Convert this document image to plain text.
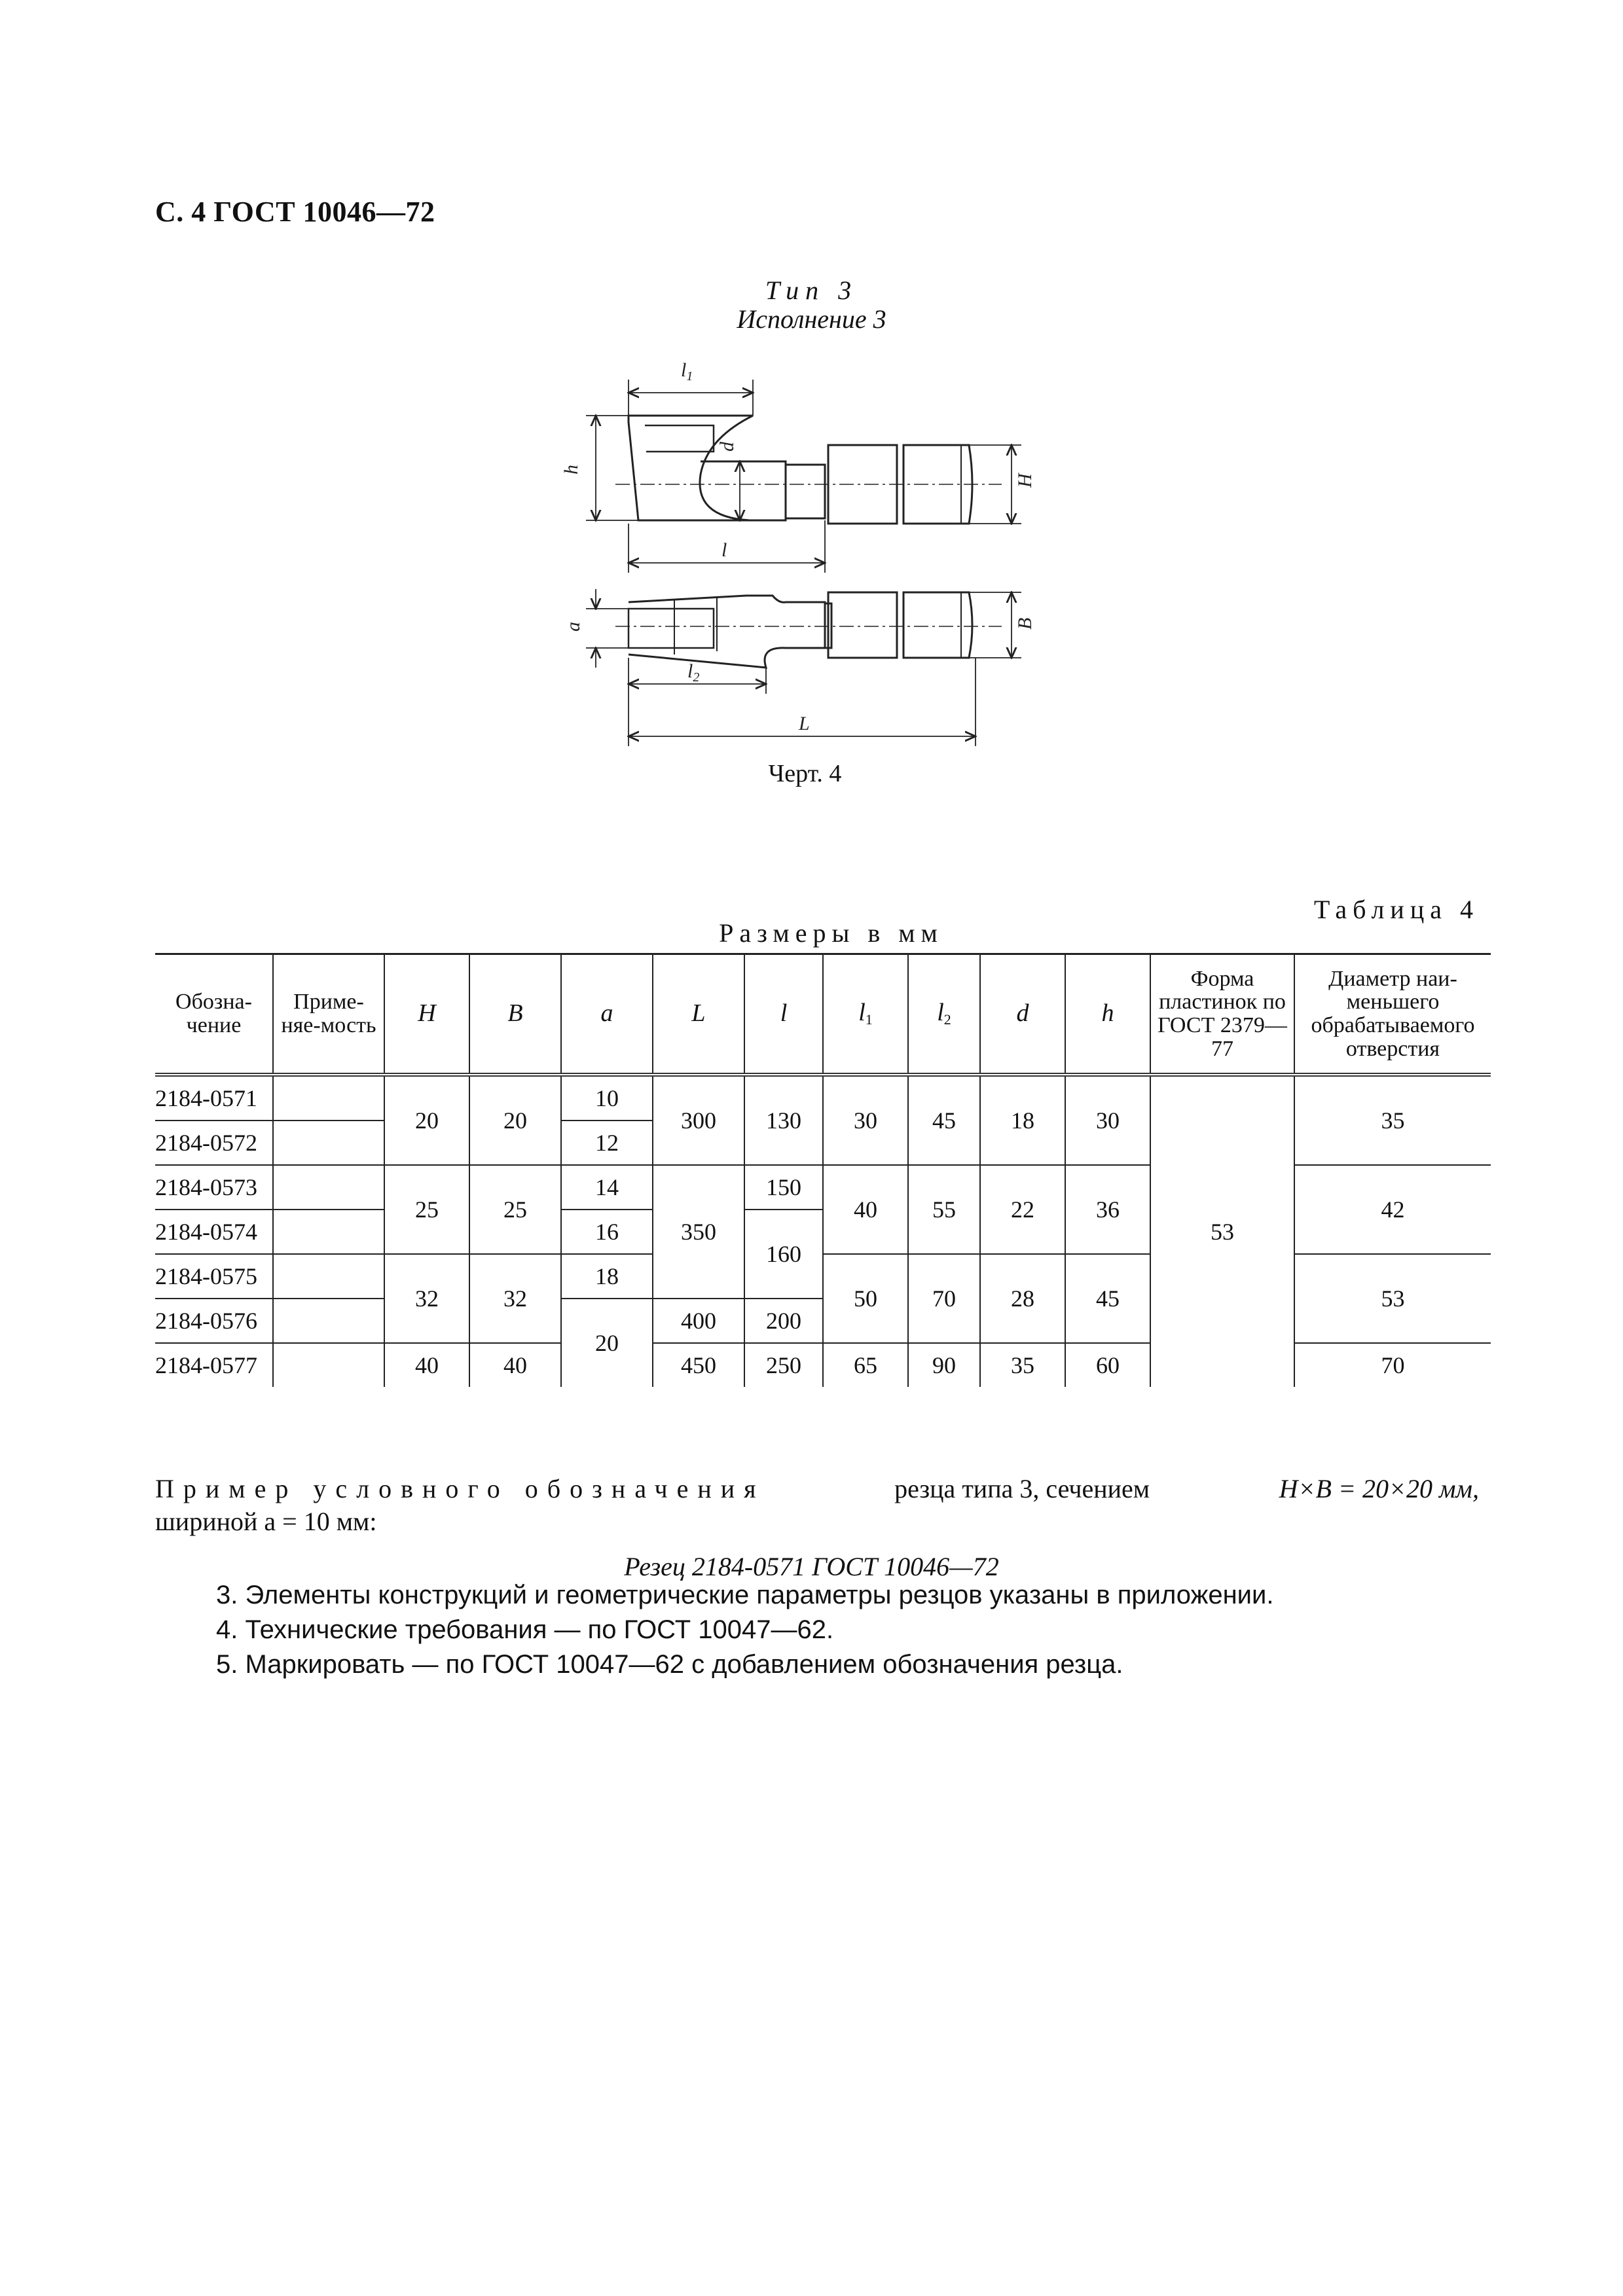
С. 4 ГОСТ 10046—72
Тип 3
Исполнение 3
$l_1$
h
d
H
l
a	B
$l_2$
L
Черт. 4
Таблица 4
Размеры в мм
Обозна-чение	Приме-няе-мость	H	B	a	L	l	$l_1$	$l_2$	d	h	Форма пластинок по ГОСТ 2379—77	Диаметр наи-меньшего обрабатываемого отверстия
2184-0571		20	20	10	300	130	30	45	18	30	53	35
2184-0572				12								
2184-0573		25	25	14	350	150	40	55	22	36		42
2184-0574				16		160						
2184-0575		32	32	18			50	70	28	45		53
2184-0576				20	400	200						
2184-0577		40	40		450	250	65	90	35	60		70
Пример условного обозначения	резца типа 3, сечением	H×B = 20×20 мм,
шириной a = 10 мм:
Резец 2184-0571 ГОСТ 10046—72
3. Элементы конструкций и геометрические параметры резцов указаны в приложении.
4. Технические требования — по ГОСТ 10047—62.
5. Маркировать — по ГОСТ 10047—62 с добавлением обозначения резца.
